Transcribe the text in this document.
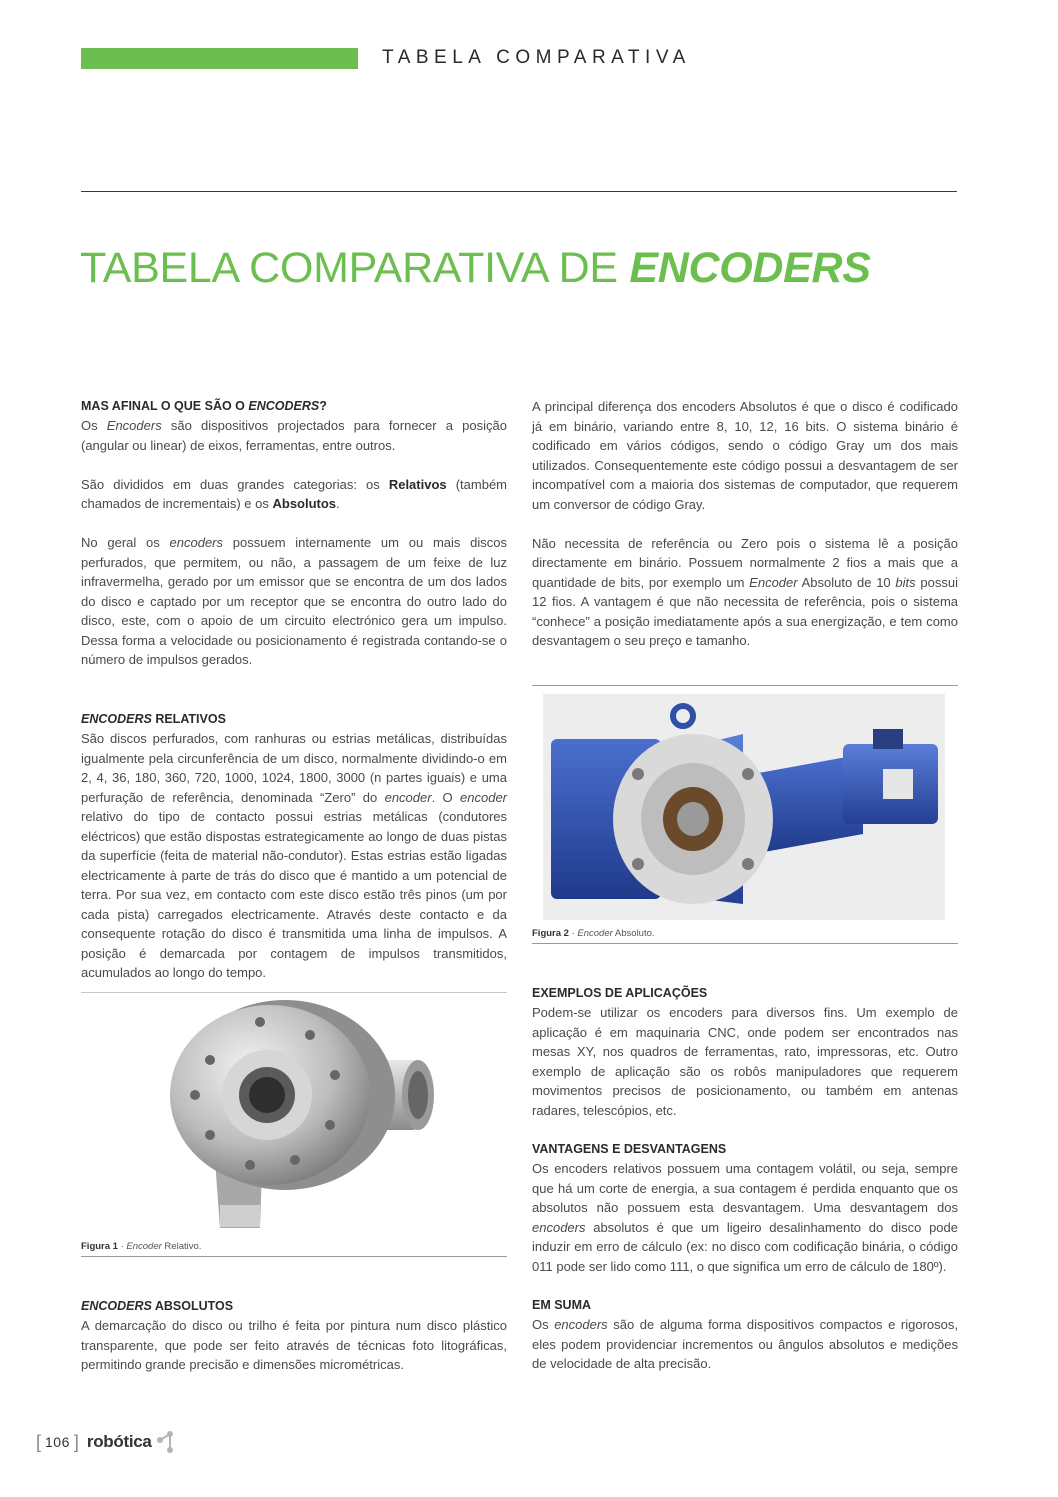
TABELA COMPARATIVA
TABELA COMPARATIVA DE ENCODERS
MAS AFINAL O QUE SÃO O ENCODERS?

Os Encoders são dispositivos projectados para fornecer a posição (angular ou linear) de eixos, ferramentas, entre outros.

São divididos em duas grandes categorias: os Relativos (também chamados de incrementais) e os Absolutos.

No geral os encoders possuem internamente um ou mais discos perfurados, que permitem, ou não, a passagem de um feixe de luz infravermelha, gerado por um emissor que se encontra de um dos lados do disco e captado por um receptor que se encontra do outro lado do disco, este, com o apoio de um circuito electrónico gera um impulso. Dessa forma a velocidade ou posicionamento é registrada contando-se o número de impulsos gerados.

ENCODERS RELATIVOS

São discos perfurados, com ranhuras ou estrias metálicas, distribuídas igualmente pela circunferência de um disco, normalmente dividindo-o em 2, 4, 36, 180, 360, 720, 1000, 1024, 1800, 3000 (n partes iguais) e uma perfuração de referência, denominada “Zero” do encoder. O encoder relativo do tipo de contacto possui estrias metálicas (condutores eléctricos) que estão dispostas estrategicamente ao longo de duas pistas da superfície (feita de material não-condutor). Estas estrias estão ligadas electricamente à parte de trás do disco que é mantido a um potencial de terra. Por sua vez, em contacto com este disco estão três pinos (um por cada pista) carregados electricamente. Através deste contacto e da consequente rotação do disco é transmitida uma linha de impulsos. A posição é demarcada por contagem de impulsos transmitidos, acumulados ao longo do tempo.

Figura 1 · Encoder Relativo.
ENCODERS ABSOLUTOS

A demarcação do disco ou trilho é feita por pintura num disco plástico transparente, que pode ser feito através de técnicas foto litográficas, permitindo grande precisão e dimensões micrométricas.

A principal diferença dos encoders Absolutos é que o disco é codificado já em binário, variando entre 8, 10, 12, 16 bits. O sistema binário é codificado em vários códigos, sendo o código Gray um dos mais utilizados. Consequentemente este código possui a desvantagem de ser incompatível com a maioria dos sistemas de computador, que requerem um conversor de código Gray.

Não necessita de referência ou Zero pois o sistema lê a posição directamente em binário. Possuem normalmente 2 fios a mais que a quantidade de bits, por exemplo um Encoder Absoluto de 10 bits possui 12 fios. A vantagem é que não necessita de referência, pois o sistema “conhece” a posição imediatamente após a sua energização, e tem como desvantagem o seu preço e tamanho.

Figura 2 · Encoder Absoluto.
EXEMPLOS DE APLICAÇÕES

Podem-se utilizar os encoders para diversos fins. Um exemplo de aplicação é em maquinaria CNC, onde podem ser encontrados nas mesas XY, nos quadros de ferramentas, rato, impressoras, etc. Outro exemplo de aplicação são os robôs manipuladores que requerem movimentos precisos de posicionamento, ou também em antenas radares, telescópios, etc.

VANTAGENS E DESVANTAGENS

Os encoders relativos possuem uma contagem volátil, ou seja, sempre que há um corte de energia, a sua contagem é perdida enquanto que os absolutos não possuem esta desvantagem. Uma desvantagem dos encoders absolutos é que um ligeiro desalinhamento do disco pode induzir em erro de cálculo (ex: no disco com codificação binária, o código 011 pode ser lido como 111, o que significa um erro de cálculo de 180º).

EM SUMA

Os encoders são de alguma forma dispositivos compactos e rigorosos, eles podem providenciar incrementos ou ângulos absolutos e medições de velocidade de alta precisão.

[ 106 ] robótica
